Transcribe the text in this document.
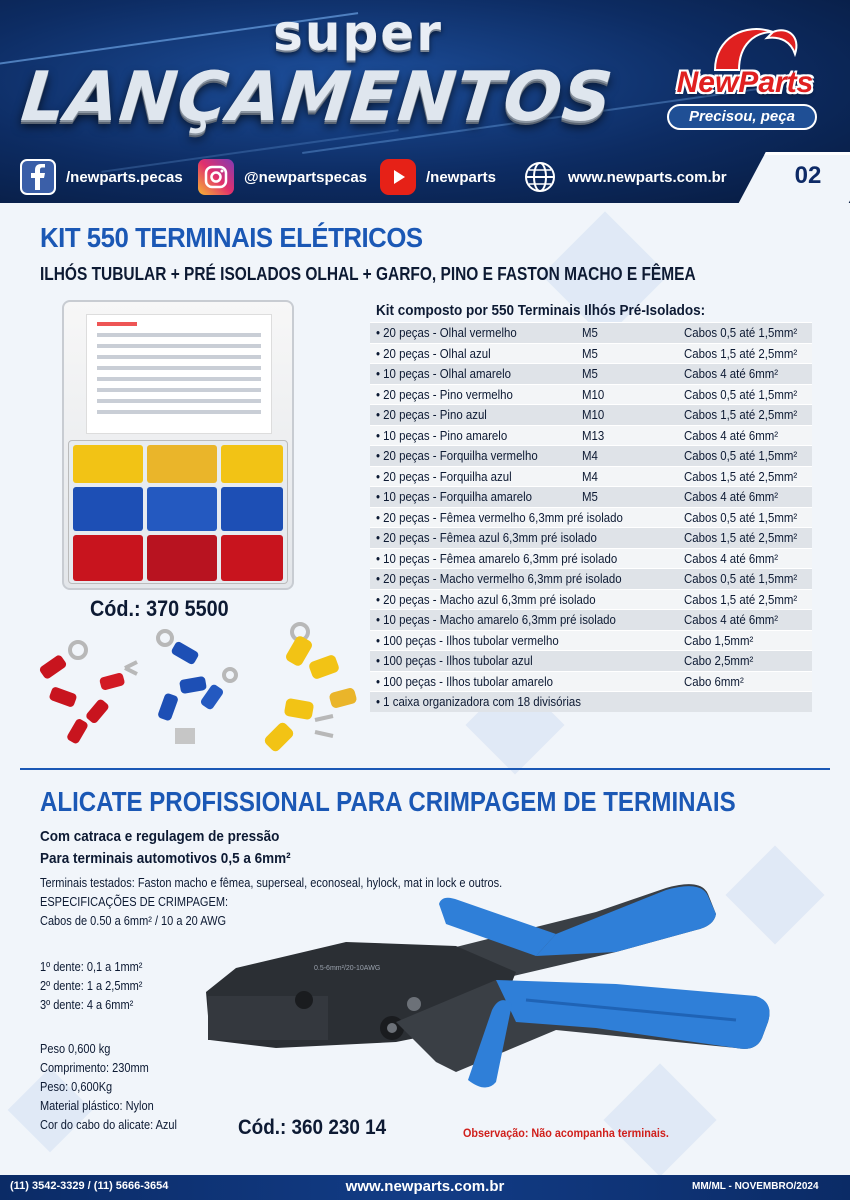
super
LANÇAMENTOS	NewParts
Precisou, peça
/newparts.pecas	@newpartspecas	/newparts	www.newparts.com.br	02
KIT 550 TERMINAIS ELÉTRICOS
ILHÓS TUBULAR + PRÉ ISOLADOS OLHAL + GARFO, PINO E FASTON MACHO E FÊMEA
Cód.: 370 5500
Kit composto por 550 Terminais Ilhós Pré-Isolados:
• 20 peças - Olhal vermelho	M5	Cabos 0,5 até 1,5mm²
• 20 peças - Olhal azul	M5	Cabos 1,5 até 2,5mm²
• 10 peças - Olhal amarelo	M5	Cabos 4 até 6mm²
• 20 peças - Pino vermelho	M10	Cabos 0,5 até 1,5mm²
• 20 peças - Pino azul	M10	Cabos 1,5 até 2,5mm²
• 10 peças - Pino amarelo	M13	Cabos 4 até 6mm²
• 20 peças - Forquilha vermelho	M4	Cabos 0,5 até 1,5mm²
• 20 peças - Forquilha azul	M4	Cabos 1,5 até 2,5mm²
• 10 peças - Forquilha amarelo	M5	Cabos 4 até 6mm²
• 20 peças - Fêmea vermelho 6,3mm pré isolado	Cabos 0,5 até 1,5mm²
• 20 peças - Fêmea azul 6,3mm pré isolado	Cabos 1,5 até 2,5mm²
• 10 peças - Fêmea amarelo 6,3mm pré isolado	Cabos 4 até 6mm²
• 20 peças - Macho vermelho 6,3mm pré isolado	Cabos 0,5 até 1,5mm²
• 20 peças - Macho azul 6,3mm pré isolado	Cabos 1,5 até 2,5mm²
• 10 peças - Macho amarelo 6,3mm pré isolado	Cabos 4 até 6mm²
• 100 peças - Ilhos tubolar vermelho	Cabo 1,5mm²
• 100 peças - Ilhos tubolar azul	Cabo 2,5mm²
• 100 peças - Ilhos tubolar amarelo	Cabo 6mm²
• 1 caixa organizadora com 18 divisórias
ALICATE PROFISSIONAL PARA CRIMPAGEM DE TERMINAIS
Com catraca e regulagem de pressão
Para terminais automotivos 0,5 a 6mm²
Terminais testados: Faston macho e fêmea, superseal, econoseal, hylock, mat in lock e outros.
ESPECIFICAÇÕES DE CRIMPAGEM:
Cabos de 0.50 a 6mm² / 10 a 20 AWG
1º dente: 0,1 a 1mm²
2º dente: 1 a 2,5mm²
3º dente: 4 a 6mm²
Peso 0,600 kg
Comprimento: 230mm
Peso: 0,600Kg
Material plástico: Nylon
Cor do cabo do alicate: Azul
0.5-6mm²/20-10AWG
Cód.: 360 230 14	Observação: Não acompanha terminais.
(11) 3542-3329 / (11) 5666-3654	www.newparts.com.br	MM/ML - NOVEMBRO/2024
